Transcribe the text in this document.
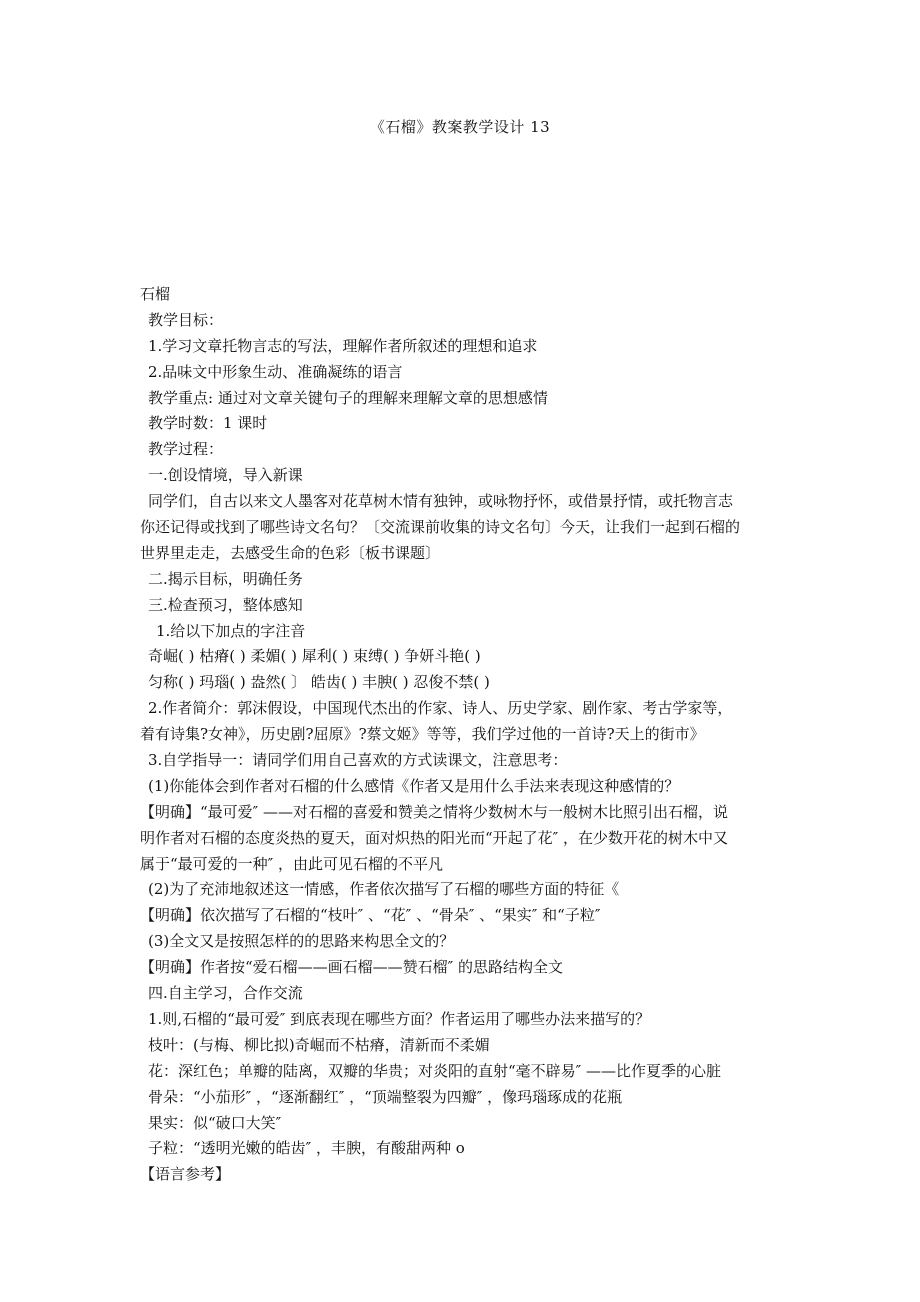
《石榴》教案教学设计 13
石榴
教学目标：
1.学习文章托物言志的写法，理解作者所叙述的理想和追求
2.品味文中形象生动、准确凝练的语言
教学重点: 通过对文章关键句子的理解来理解文章的思想感情
教学时数：1 课时
教学过程：
一.创设情境，导入新课
同学们，自古以来文人墨客对花草树木情有独钟，或咏物抒怀，或借景抒情，或托物言志
你还记得或找到了哪些诗文名句？〔交流课前收集的诗文名句〕今天，让我们一起到石榴的
世界里走走，去感受生命的色彩〔板书课题〕
二.揭示目标，明确任务
三.检查预习，整体感知
1.给以下加点的字注音
奇崛( ) 枯瘠( ) 柔媚( ) 犀利( ) 束缚( ) 争妍斗艳( )
匀称( ) 玛瑙( ) 盎然( 〕 皓齿( ) 丰腴( ) 忍俊不禁( )
2.作者简介：郭沫假设，中国现代杰出的作家、诗人、历史学家、剧作家、考古学家等，
着有诗集?女神》，历史剧?屈原》?蔡文姬》等等，我们学过他的一首诗?天上的街市》
3.自学指导一：请同学们用自己喜欢的方式读课文，注意思考：
(1)你能体会到作者对石榴的什么感情《作者又是用什么手法来表现这种感情的？
【明确】“最可爱″ ——对石榴的喜爱和赞美之情将少数树木与一般树木比照引出石榴，说
明作者对石榴的态度炎热的夏天，面对炽热的阳光而“开起了花″ ，在少数开花的树木中又
属于“最可爱的一种″ ，由此可见石榴的不平凡
(2)为了充沛地叙述这一情感，作者依次描写了石榴的哪些方面的特征《
【明确】依次描写了石榴的“枝叶″ 、“花″ 、“骨朵″ 、“果实″ 和“子粒″
(3)全文又是按照怎样的的思路来构思全文的？
【明确】作者按“爱石榴——画石榴——赞石榴″ 的思路结构全文
四.自主学习，合作交流
1.则,石榴的“最可爱″ 到底表现在哪些方面？作者运用了哪些办法来描写的？
枝叶：(与梅、柳比拟)奇崛而不枯瘠，清新而不柔媚
花：深红色；单瓣的陆离，双瓣的华贵；对炎阳的直射“毫不辟易″ ——比作夏季的心脏
骨朵：“小茄形″ ，“逐渐翻红″ ，“顶端整裂为四瓣″ ，像玛瑙琢成的花瓶
果实：似“破口大笑″
子粒：“透明光嫩的皓齿″ ，丰腴，有酸甜两种 o
【语言参考】
